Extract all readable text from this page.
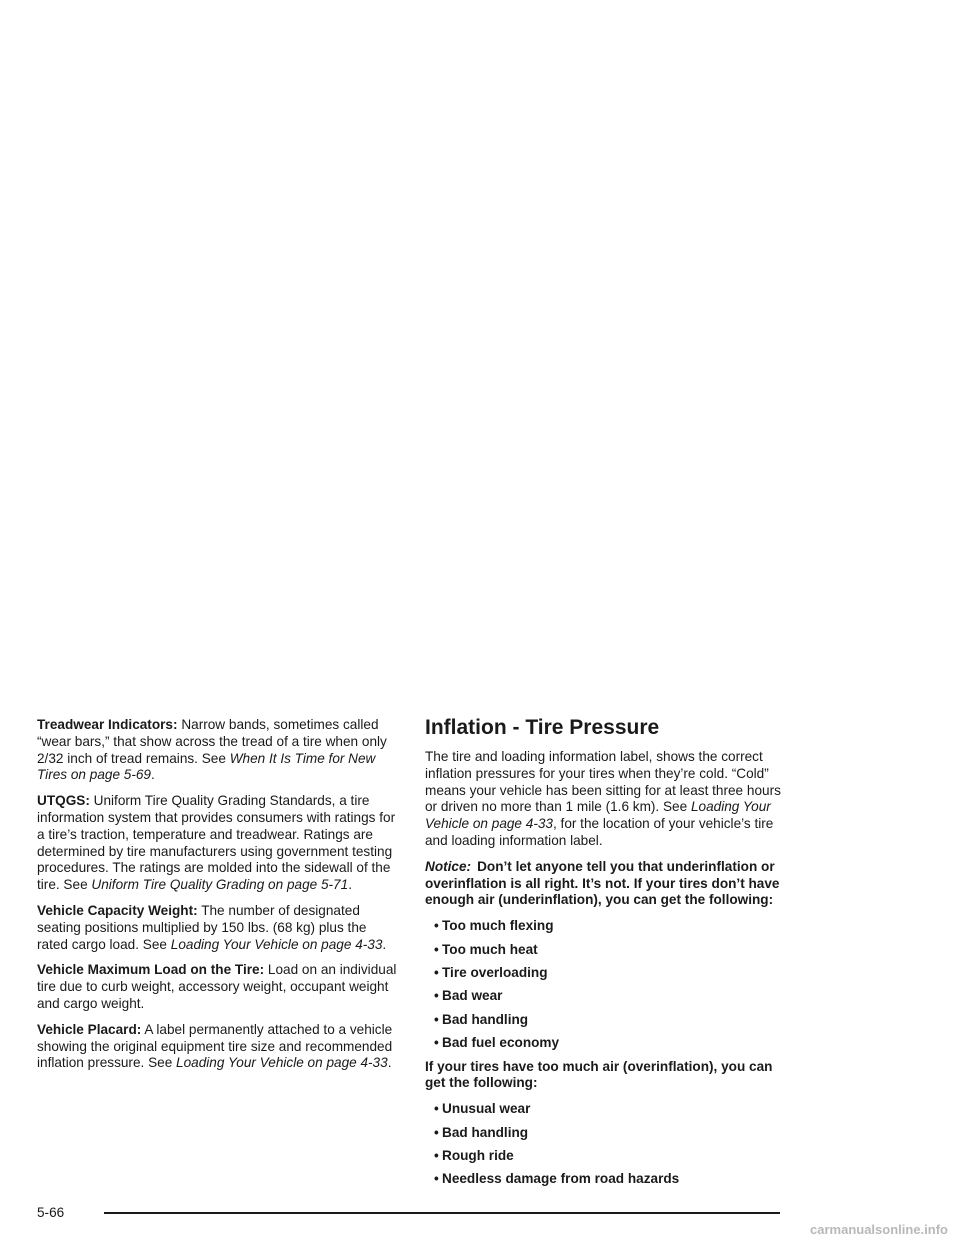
Treadwear Indicators: Narrow bands, sometimes called “wear bars,” that show across the tread of a tire when only 2/32 inch of tread remains. See When It Is Time for New Tires on page 5-69.

UTQGS: Uniform Tire Quality Grading Standards, a tire information system that provides consumers with ratings for a tire’s traction, temperature and treadwear. Ratings are determined by tire manufacturers using government testing procedures. The ratings are molded into the sidewall of the tire. See Uniform Tire Quality Grading on page 5-71.

Vehicle Capacity Weight: The number of designated seating positions multiplied by 150 lbs. (68 kg) plus the rated cargo load. See Loading Your Vehicle on page 4-33.

Vehicle Maximum Load on the Tire: Load on an individual tire due to curb weight, accessory weight, occupant weight and cargo weight.

Vehicle Placard: A label permanently attached to a vehicle showing the original equipment tire size and recommended inflation pressure. See Loading Your Vehicle on page 4-33.

Inflation - Tire Pressure

The tire and loading information label, shows the correct inflation pressures for your tires when they’re cold. “Cold” means your vehicle has been sitting for at least three hours or driven no more than 1 mile (1.6 km). See Loading Your Vehicle on page 4-33, for the location of your vehicle’s tire and loading information label.

Notice: Don’t let anyone tell you that underinflation or overinflation is all right. It’s not. If your tires don’t have enough air (underinflation), you can get the following:

• Too much flexing
• Too much heat
• Tire overloading
• Bad wear
• Bad handling
• Bad fuel economy

If your tires have too much air (overinflation), you can get the following:

• Unusual wear
• Bad handling
• Rough ride
• Needless damage from road hazards
5-66
carmanualsonline.info
